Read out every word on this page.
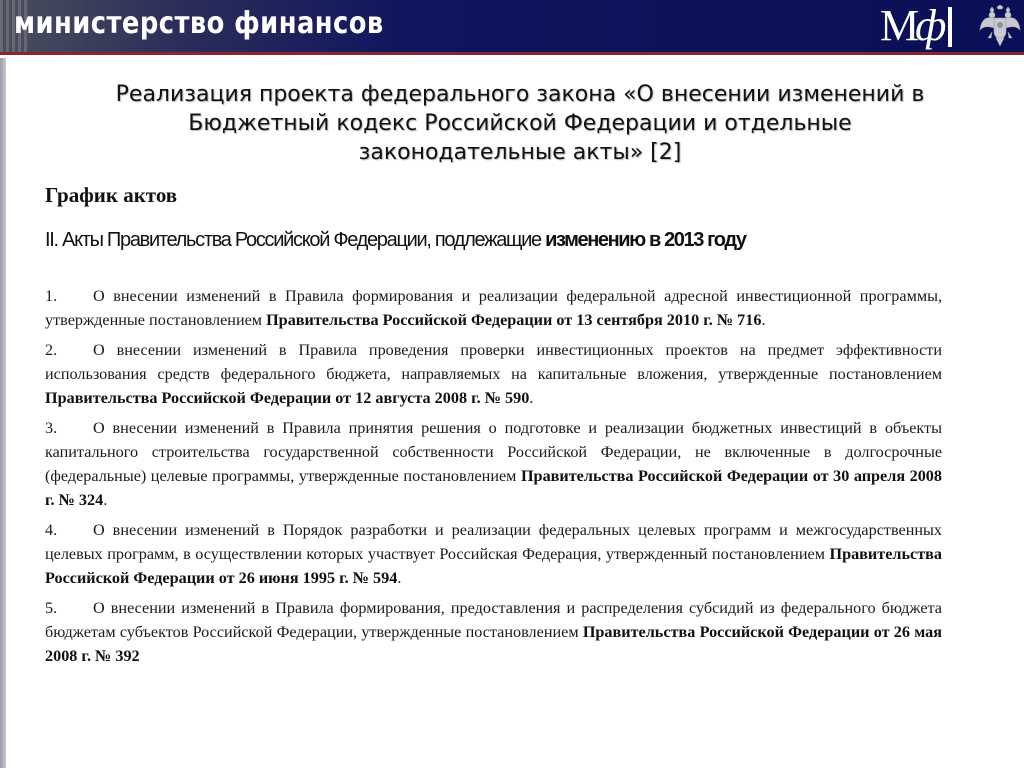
министерство финансов	Мф
Реализация проекта федерального закона «О внесении изменений в
Бюджетный кодекс Российской Федерации и отдельные
законодательные акты» [2]
График актов
II. Акты Правительства Российской Федерации, подлежащие изменению в 2013 году
1. О внесении изменений в Правила формирования и реализации федеральной адресной инвестиционной программы, утвержденные постановлением Правительства Российской Федерации от 13 сентября 2010 г. № 716.
2. О внесении изменений в Правила проведения проверки инвестиционных проектов на предмет эффективности использования средств федерального бюджета, направляемых на капитальные вложения, утвержденные постановлением Правительства Российской Федерации от 12 августа 2008 г. № 590.
3. О внесении изменений в Правила принятия решения о подготовке и реализации бюджетных инвестиций в объекты капитального строительства государственной собственности Российской Федерации, не включенные в долгосрочные (федеральные) целевые программы, утвержденные постановлением Правительства Российской Федерации от 30 апреля 2008 г. № 324.
4. О внесении изменений в Порядок разработки и реализации федеральных целевых программ и межгосударственных целевых программ, в осуществлении которых участвует Российская Федерация, утвержденный постановлением Правительства Российской Федерации от 26 июня 1995 г. № 594.
5. О внесении изменений в Правила формирования, предоставления и распределения субсидий из федерального бюджета бюджетам субъектов Российской Федерации, утвержденные постановлением Правительства Российской Федерации от 26 мая 2008 г. № 392
